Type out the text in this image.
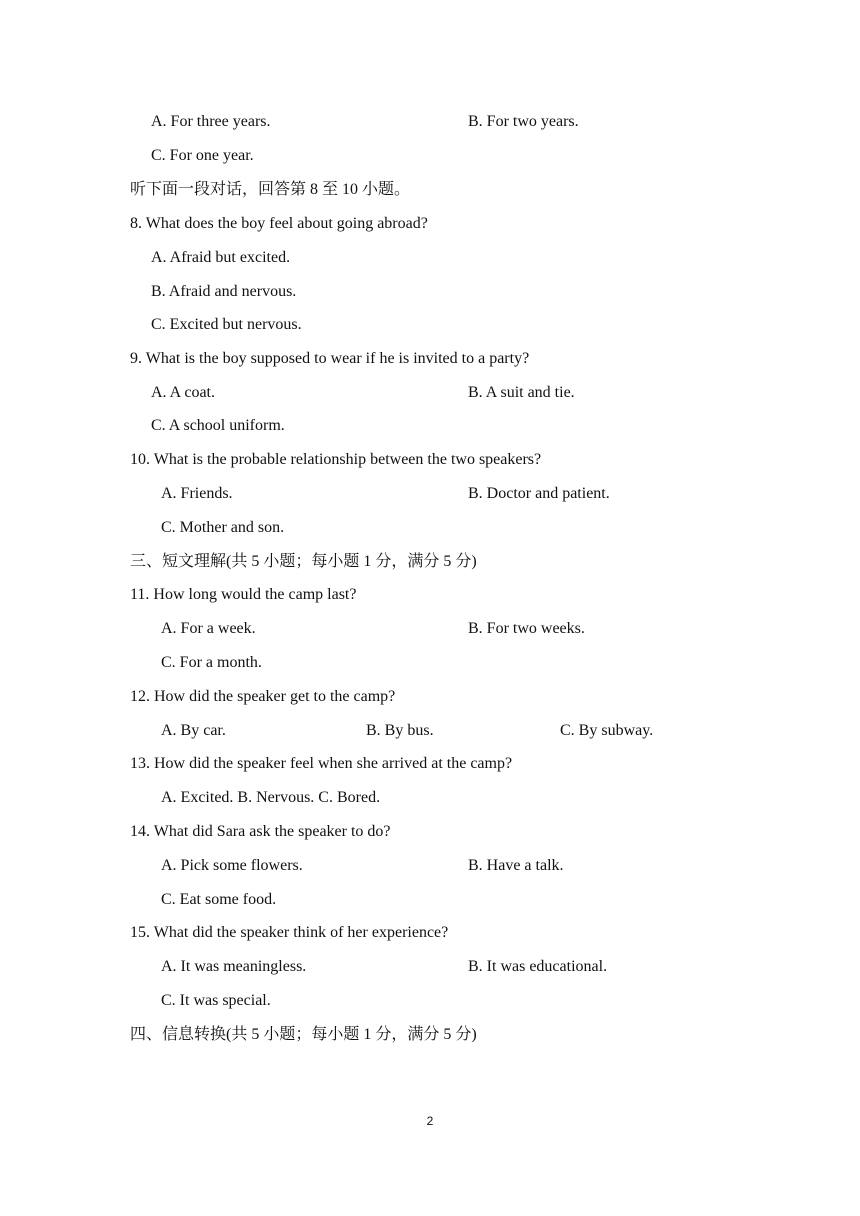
A. For three years.	B. For two years.
C. For one year.
听下面一段对话，回答第 8 至 10 小题。
8. What does the boy feel about going abroad?
A. Afraid but excited.
B. Afraid and nervous.
C. Excited but nervous.
9. What is the boy supposed to wear if he is invited to a party?
A. A coat.	B. A suit and tie.
C. A school uniform.
10. What is the probable relationship between the two speakers?
A. Friends.	B. Doctor and patient.
C. Mother and son.
三、短文理解(共 5 小题；每小题 1 分，满分 5 分)
11. How long would the camp last?
A. For a week.	B. For two weeks.
C. For a month.
12. How did the speaker get to the camp?
A. By car.	B. By bus.	C. By subway.
13. How did the speaker feel when she arrived at the camp?
A. Excited. B. Nervous. C. Bored.
14. What did Sara ask the speaker to do?
A. Pick some flowers.	B. Have a talk.
C. Eat some food.
15. What did the speaker think of her experience?
A. It was meaningless.	B. It was educational.
C. It was special.
四、信息转换(共 5 小题；每小题 1 分，满分 5 分)
2
